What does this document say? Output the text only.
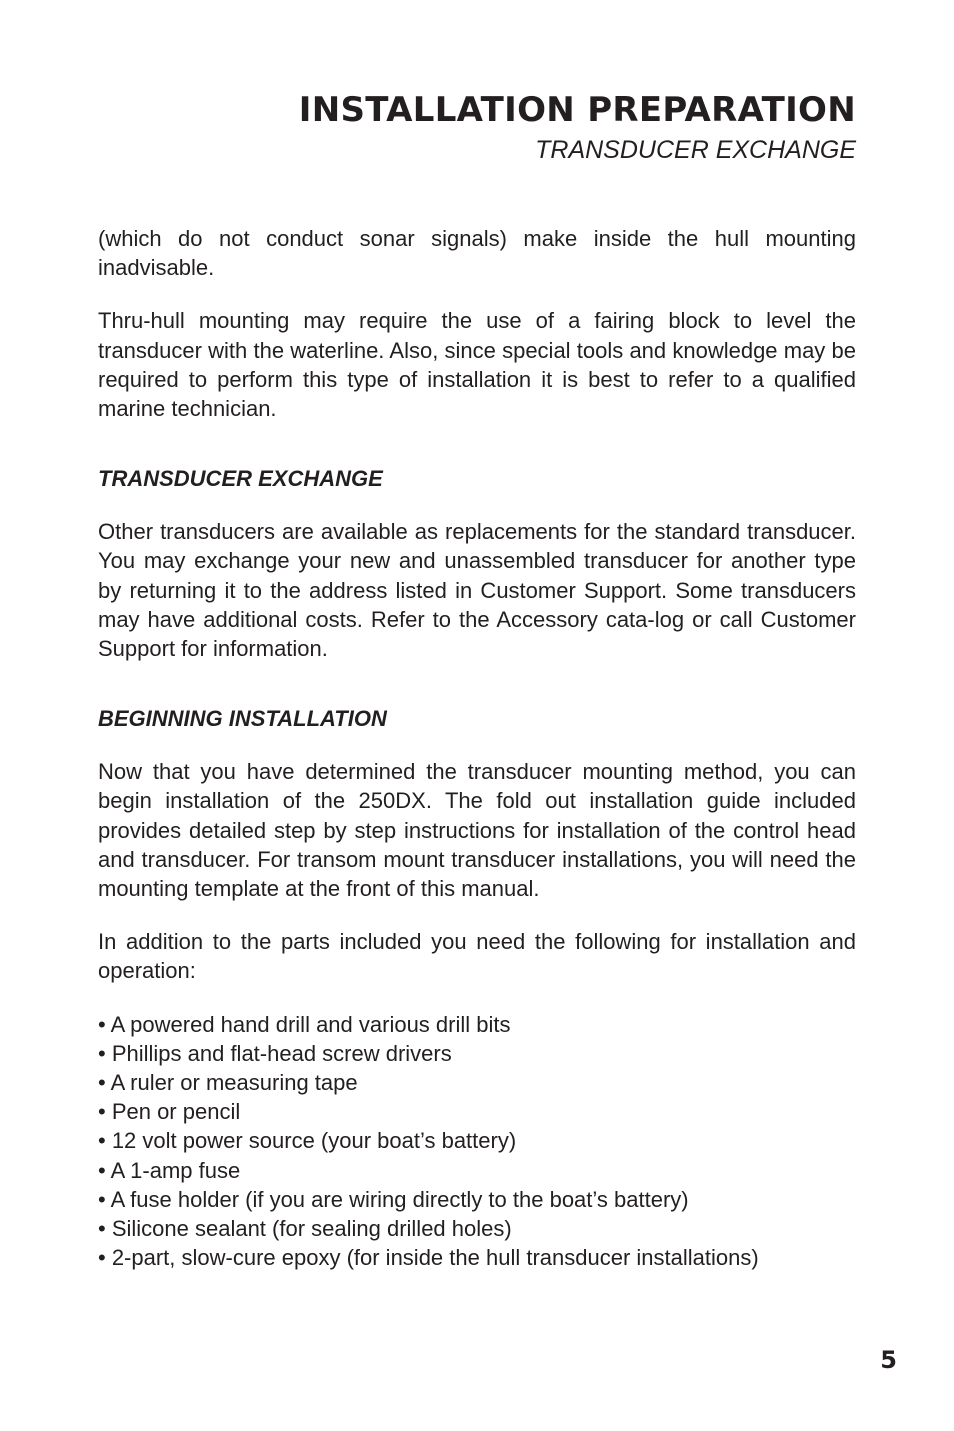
INSTALLATION PREPARATION
TRANSDUCER EXCHANGE

(which do not conduct sonar signals) make inside the hull mounting inadvisable.

Thru-hull mounting may require the use of a fairing block to level the transducer with the waterline. Also, since special tools and knowledge may be required to perform this type of installation it is best to refer to a qualified marine technician.

TRANSDUCER EXCHANGE

Other transducers are available as replacements for the standard transducer. You may exchange your new and unassembled transducer for another type by returning it to the address listed in Customer Support. Some transducers may have additional costs. Refer to the Accessory cata-log or call Customer Support for information.

BEGINNING INSTALLATION

Now that you have determined the transducer mounting method, you can begin installation of the 250DX. The fold out installation guide included provides detailed step by step instructions for installation of the control head and transducer. For transom mount transducer installations, you will need the mounting template at the front of this manual.

In addition to the parts included you need the following for installation and operation:

• A powered hand drill and various drill bits
• Phillips and flat-head screw drivers
• A ruler or measuring tape
• Pen or pencil
• 12 volt power source (your boat’s battery)
• A 1-amp fuse
• A fuse holder (if you are wiring directly to the boat’s battery)
• Silicone sealant (for sealing drilled holes)
• 2-part, slow-cure epoxy (for inside the hull transducer installations)
5
